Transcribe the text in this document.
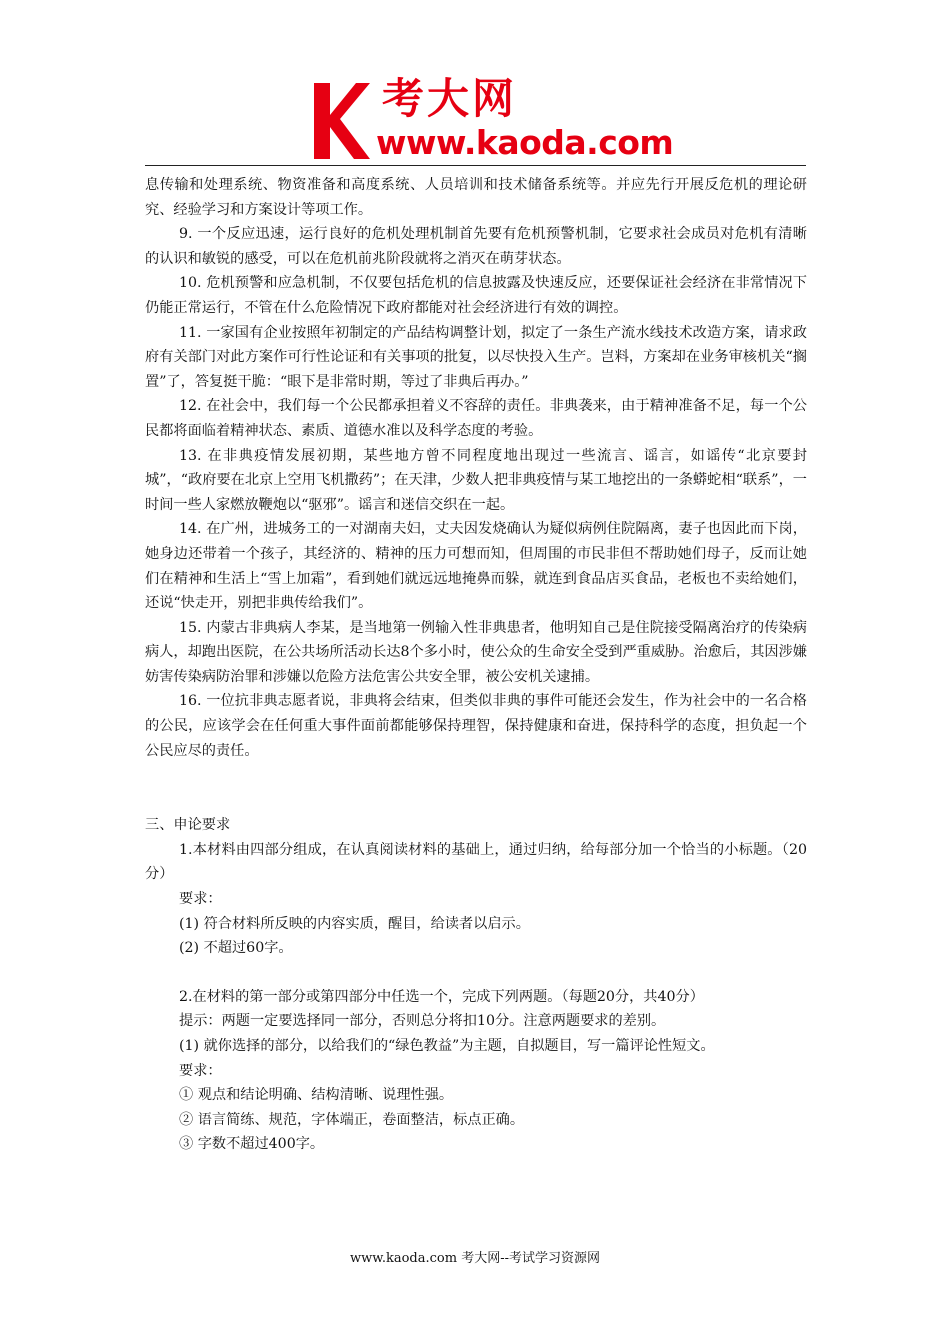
考大网
www.kaoda.com

息传输和处理系统、物资准备和高度系统、人员培训和技术储备系统等。并应先行开展反危机的理论研究、经验学习和方案设计等项工作。

9. 一个反应迅速，运行良好的危机处理机制首先要有危机预警机制，它要求社会成员对危机有清晰的认识和敏锐的感受，可以在危机前兆阶段就将之消灭在萌芽状态。

10. 危机预警和应急机制，不仅要包括危机的信息披露及快速反应，还要保证社会经济在非常情况下仍能正常运行，不管在什么危险情况下政府都能对社会经济进行有效的调控。

11. 一家国有企业按照年初制定的产品结构调整计划，拟定了一条生产流水线技术改造方案，请求政府有关部门对此方案作可行性论证和有关事项的批复，以尽快投入生产。岂料，方案却在业务审核机关“搁置”了，答复挺干脆：“眼下是非常时期，等过了非典后再办。”

12. 在社会中，我们每一个公民都承担着义不容辞的责任。非典袭来，由于精神准备不足，每一个公民都将面临着精神状态、素质、道德水准以及科学态度的考验。

13. 在非典疫情发展初期，某些地方曾不同程度地出现过一些流言、谣言，如谣传“北京要封城”，“政府要在北京上空用飞机撒药”；在天津，少数人把非典疫情与某工地挖出的一条蟒蛇相“联系”，一时间一些人家燃放鞭炮以“驱邪”。谣言和迷信交织在一起。

14. 在广州，进城务工的一对湖南夫妇，丈夫因发烧确认为疑似病例住院隔离，妻子也因此而下岗，她身边还带着一个孩子，其经济的、精神的压力可想而知，但周围的市民非但不帮助她们母子，反而让她们在精神和生活上“雪上加霜”，看到她们就远远地掩鼻而躲，就连到食品店买食品，老板也不卖给她们，还说“快走开，别把非典传给我们”。

15. 内蒙古非典病人李某，是当地第一例输入性非典患者，他明知自己是住院接受隔离治疗的传染病病人，却跑出医院，在公共场所活动长达8个多小时，使公众的生命安全受到严重威胁。治愈后，其因涉嫌妨害传染病防治罪和涉嫌以危险方法危害公共安全罪，被公安机关逮捕。

16. 一位抗非典志愿者说，非典将会结束，但类似非典的事件可能还会发生，作为社会中的一名合格的公民，应该学会在任何重大事件面前都能够保持理智，保持健康和奋进，保持科学的态度，担负起一个公民应尽的责任。

三、申论要求

1.本材料由四部分组成，在认真阅读材料的基础上，通过归纳，给每部分加一个恰当的小标题。（20分）

要求：

(1) 符合材料所反映的内容实质，醒目，给读者以启示。

(2) 不超过60字。

2.在材料的第一部分或第四部分中任选一个，完成下列两题。（每题20分，共40分）

提示：两题一定要选择同一部分，否则总分将扣10分。注意两题要求的差别。

(1) 就你选择的部分，以给我们的“绿色教益”为主题，自拟题目，写一篇评论性短文。

要求：

① 观点和结论明确、结构清晰、说理性强。

② 语言简练、规范，字体端正，卷面整洁，标点正确。

③ 字数不超过400字。

www.kaoda.com 考大网--考试学习资源网
